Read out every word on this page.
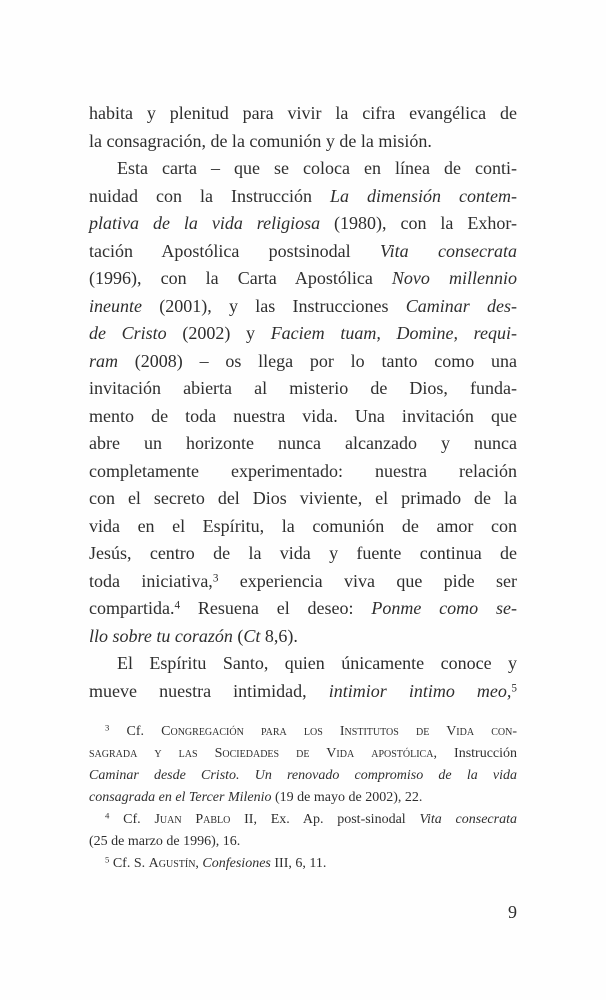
habita y plenitud para vivir la cifra evangélica de
la consagración, de la comunión y de la misión.
Esta carta – que se coloca en línea de conti-
nuidad con la Instrucción La dimensión contem-
plativa de la vida religiosa (1980), con la Exhor-
tación Apostólica postsinodal Vita consecrata
(1996), con la Carta Apostólica Novo millennio
ineunte (2001), y las Instrucciones Caminar des-
de Cristo (2002) y Faciem tuam, Domine, requi-
ram (2008) – os llega por lo tanto como una
invitación abierta al misterio de Dios, funda-
mento de toda nuestra vida. Una invitación que
abre un horizonte nunca alcanzado y nunca
completamente experimentado: nuestra relación
con el secreto del Dios viviente, el primado de la
vida en el Espíritu, la comunión de amor con
Jesús, centro de la vida y fuente continua de
toda iniciativa,$^3$ experiencia viva que pide ser
compartida.$^4$ Resuena el deseo: Ponme como se-
llo sobre tu corazón (Ct 8,6).
El Espíritu Santo, quien únicamente conoce y
mueve nuestra intimidad, intimior intimo meo,$^5$
$^3$ Cf. Congregación para los Institutos de Vida con-
sagrada y las Sociedades de Vida apostólica, Instrucción
Caminar desde Cristo. Un renovado compromiso de la vida
consagrada en el Tercer Milenio (19 de mayo de 2002), 22.
$^4$ Cf. Juan Pablo II, Ex. Ap. post-sinodal Vita consecrata
(25 de marzo de 1996), 16.
$^5$ Cf. S. Agustín, Confesiones III, 6, 11.
9
